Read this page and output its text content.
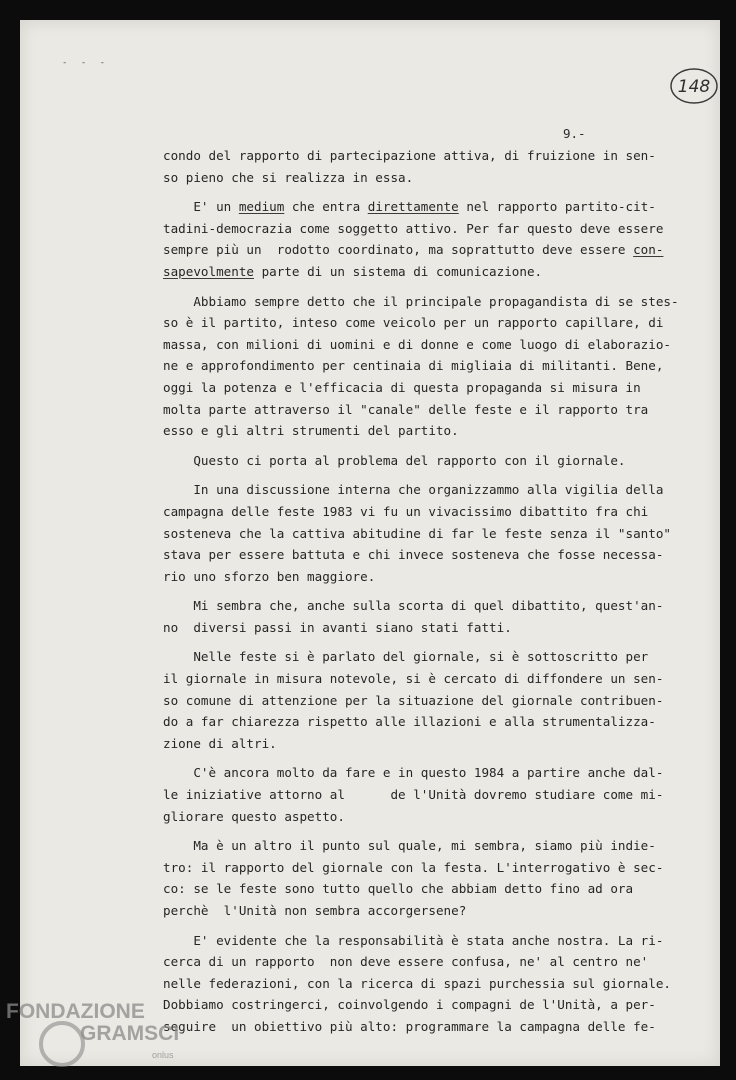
- - -
148
9.-
condo del rapporto di partecipazione attiva, di fruizione in sen-
so pieno che si realizza in essa.
E' un medium che entra direttamente nel rapporto partito-cit-
tadini-democrazia come soggetto attivo. Per far questo deve essere
sempre più un  rodotto coordinato, ma soprattutto deve essere con-
sapevolmente parte di un sistema di comunicazione.
Abbiamo sempre detto che il principale propagandista di se stes-
so è il partito, inteso come veicolo per un rapporto capillare, di
massa, con milioni di uomini e di donne e come luogo di elaborazio-
ne e approfondimento per centinaia di migliaia di militanti. Bene,
oggi la potenza e l'efficacia di questa propaganda si misura in
molta parte attraverso il "canale" delle feste e il rapporto tra
esso e gli altri strumenti del partito.
Questo ci porta al problema del rapporto con il giornale.
In una discussione interna che organizzammo alla vigilia della
campagna delle feste 1983 vi fu un vivacissimo dibattito fra chi
sosteneva che la cattiva abitudine di far le feste senza il "santo"
stava per essere battuta e chi invece sosteneva che fosse necessa-
rio uno sforzo ben maggiore.
Mi sembra che, anche sulla scorta di quel dibattito, quest'an-
no  diversi passi in avanti siano stati fatti.
Nelle feste si è parlato del giornale, si è sottoscritto per
il giornale in misura notevole, si è cercato di diffondere un sen-
so comune di attenzione per la situazione del giornale contribuen-
do a far chiarezza rispetto alle illazioni e alla strumentalizza-
zione di altri.
C'è ancora molto da fare e in questo 1984 a partire anche dal-
le iniziative attorno al      de l'Unità dovremo studiare come mi-
gliorare questo aspetto.
Ma è un altro il punto sul quale, mi sembra, siamo più indie-
tro: il rapporto del giornale con la festa. L'interrogativo è sec-
co: se le feste sono tutto quello che abbiam detto fino ad ora
perchè  l'Unità non sembra accorgersene?
E' evidente che la responsabilità è stata anche nostra. La ri-
cerca di un rapporto  non deve essere confusa, ne' al centro ne'
nelle federazioni, con la ricerca di spazi purchessia sul giornale.
Dobbiamo costringerci, coinvolgendo i compagni de l'Unità, a per-
seguire  un obiettivo più alto: programmare la campagna delle fe-
FONDAZIONE
GRAMSCI
onlus
